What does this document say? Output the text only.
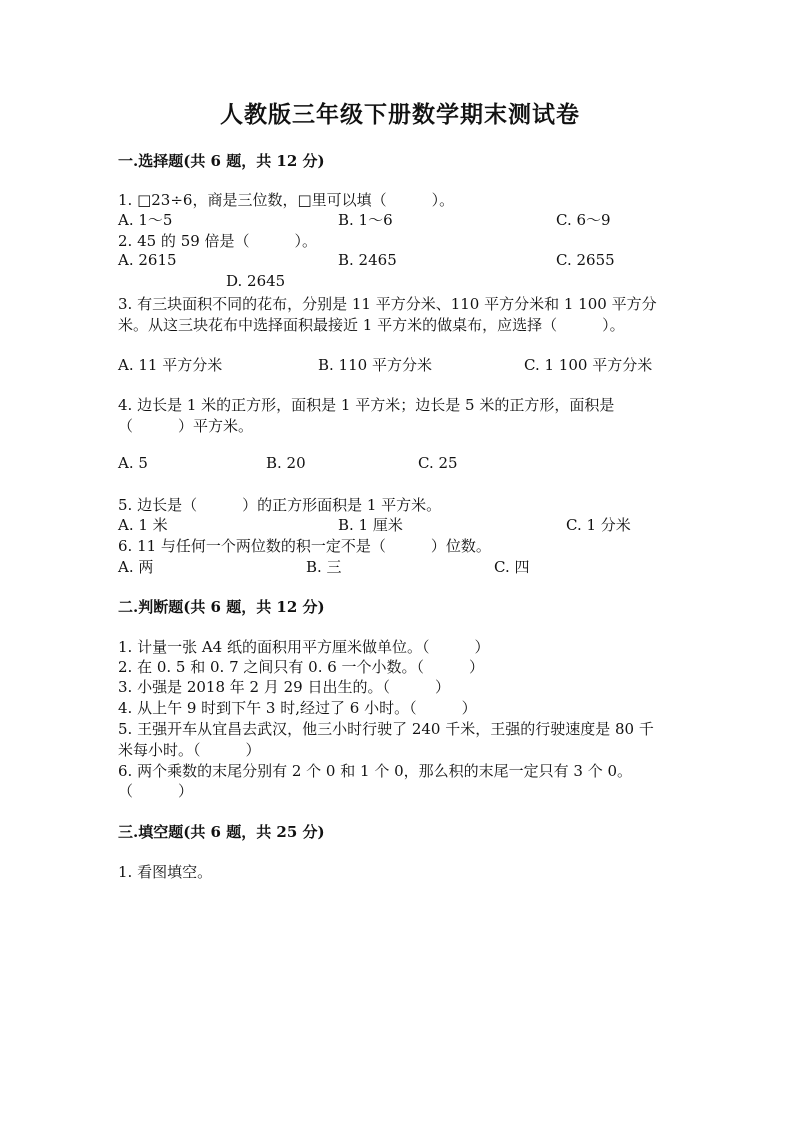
人教版三年级下册数学期末测试卷
一.选择题(共 6 题，共 12 分)
1. □23÷6，商是三位数，□里可以填（　　　）。
A. 1～5	B. 1～6	C. 6～9
2. 45 的 59 倍是（　　　）。
A. 2615	B. 2465	C. 2655
D. 2645
3. 有三块面积不同的花布，分别是 11 平方分米、110 平方分米和 1 100 平方分
米。从这三块花布中选择面积最接近 1 平方米的做桌布，应选择（　　　）。
A. 11 平方分米	B. 110 平方分米	C. 1 100 平方分米
4. 边长是 1 米的正方形，面积是 1 平方米；边长是 5 米的正方形，面积是
（　　　）平方米。
A. 5	B. 20	C. 25
5. 边长是（　　　）的正方形面积是 1 平方米。
A. 1 米	B. 1 厘米	C. 1 分米
6. 11 与任何一个两位数的积一定不是（　　　）位数。
A. 两	B. 三	C. 四
二.判断题(共 6 题，共 12 分)
1. 计量一张 A4 纸的面积用平方厘米做单位。（　　　）
2. 在 0. 5 和 0. 7 之间只有 0. 6 一个小数。（　　　）
3. 小强是 2018 年 2 月 29 日出生的。（　　　）
4. 从上午 9 时到下午 3 时,经过了 6 小时。（　　　）
5. 王强开车从宜昌去武汉，他三小时行驶了 240 千米，王强的行驶速度是 80 千
米每小时。（　　　）
6. 两个乘数的末尾分别有 2 个 0 和 1 个 0，那么积的末尾一定只有 3 个 0。
（　　　）
三.填空题(共 6 题，共 25 分)
1. 看图填空。
